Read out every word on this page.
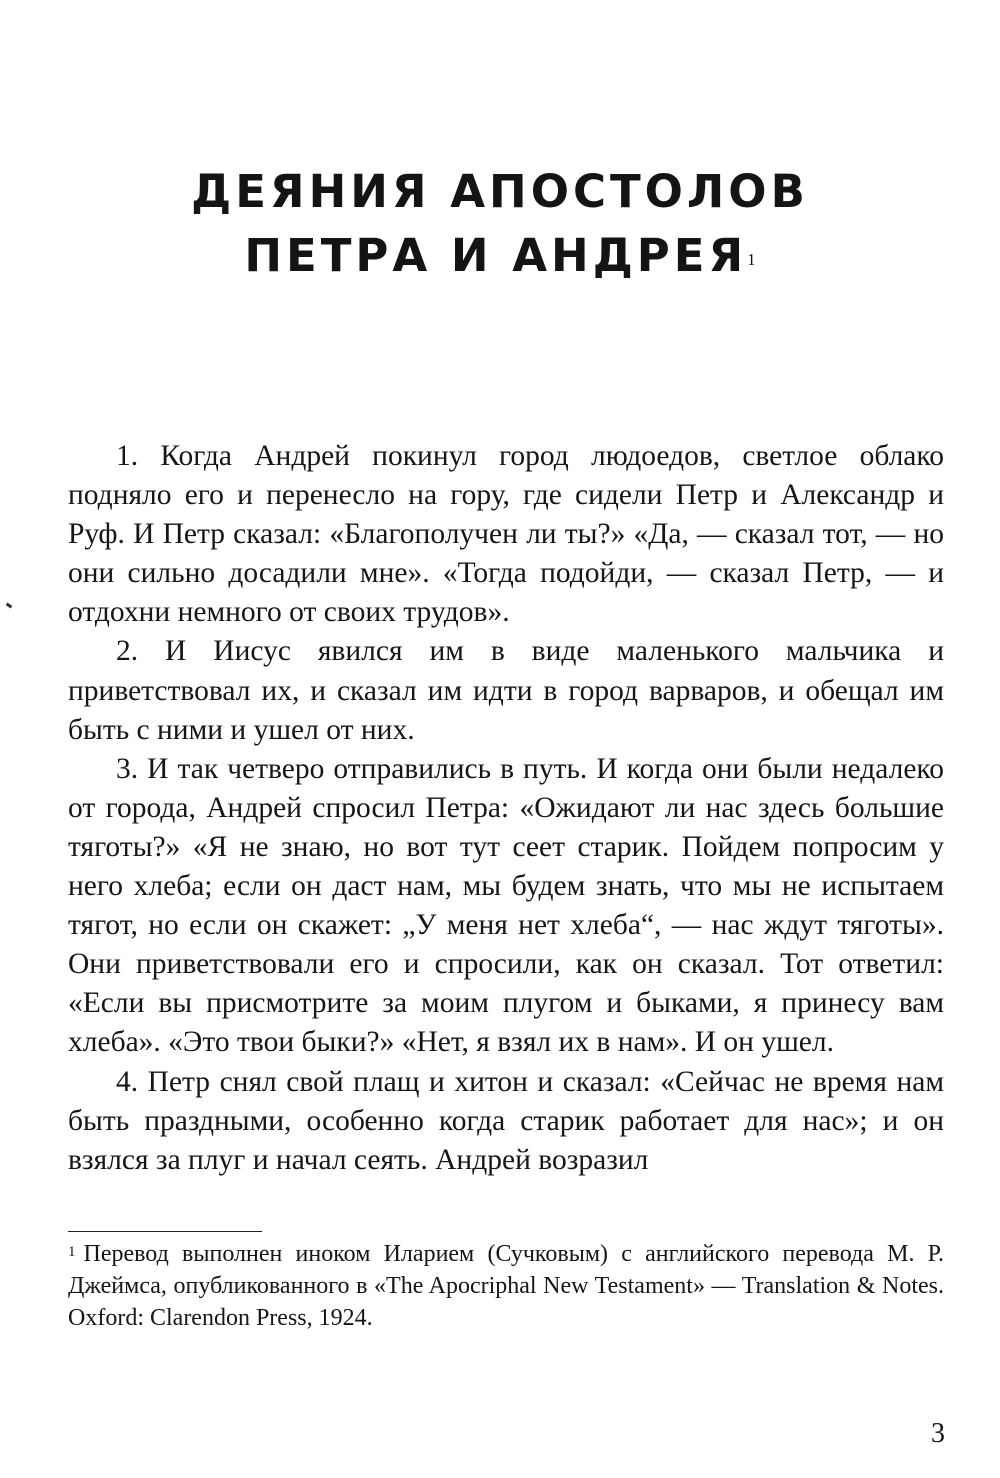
ДЕЯНИЯ АПОСТОЛОВ
ПЕТРА И АНДРЕЯ$^1$

1. Когда Андрей покинул город людоедов, светлое облако подняло его и перенесло на гору, где сидели Петр и Александр и Руф. И Петр сказал: «Благополучен ли ты?» «Да, — сказал тот, — но они сильно досадили мне». «Тогда подойди, — сказал Петр, — и отдохни немного от своих трудов».

2. И Иисус явился им в виде маленького мальчика и приветствовал их, и сказал им идти в город варваров, и обещал им быть с ними и ушел от них.

3. И так четверо отправились в путь. И когда они были недалеко от города, Андрей спросил Петра: «Ожидают ли нас здесь большие тяготы?» «Я не знаю, но вот тут сеет старик. Пойдем попросим у него хлеба; если он даст нам, мы будем знать, что мы не испытаем тягот, но если он скажет: „У меня нет хлеба“, — нас ждут тяготы». Они приветствовали его и спросили, как он сказал. Тот ответил: «Если вы присмотрите за моим плугом и быками, я принесу вам хлеба». «Это твои быки?» «Нет, я взял их в нам». И он ушел.

4. Петр снял свой плащ и хитон и сказал: «Сейчас не время нам быть праздными, особенно когда старик работает для нас»; и он взялся за плуг и начал сеять. Андрей возразил

$^1$ Перевод выполнен иноком Иларием (Сучковым) с английского перевода М. Р. Джеймса, опубликованного в «The Apocriphal New Testament» — Translation & Notes. Oxford: Clarendon Press, 1924.
3
